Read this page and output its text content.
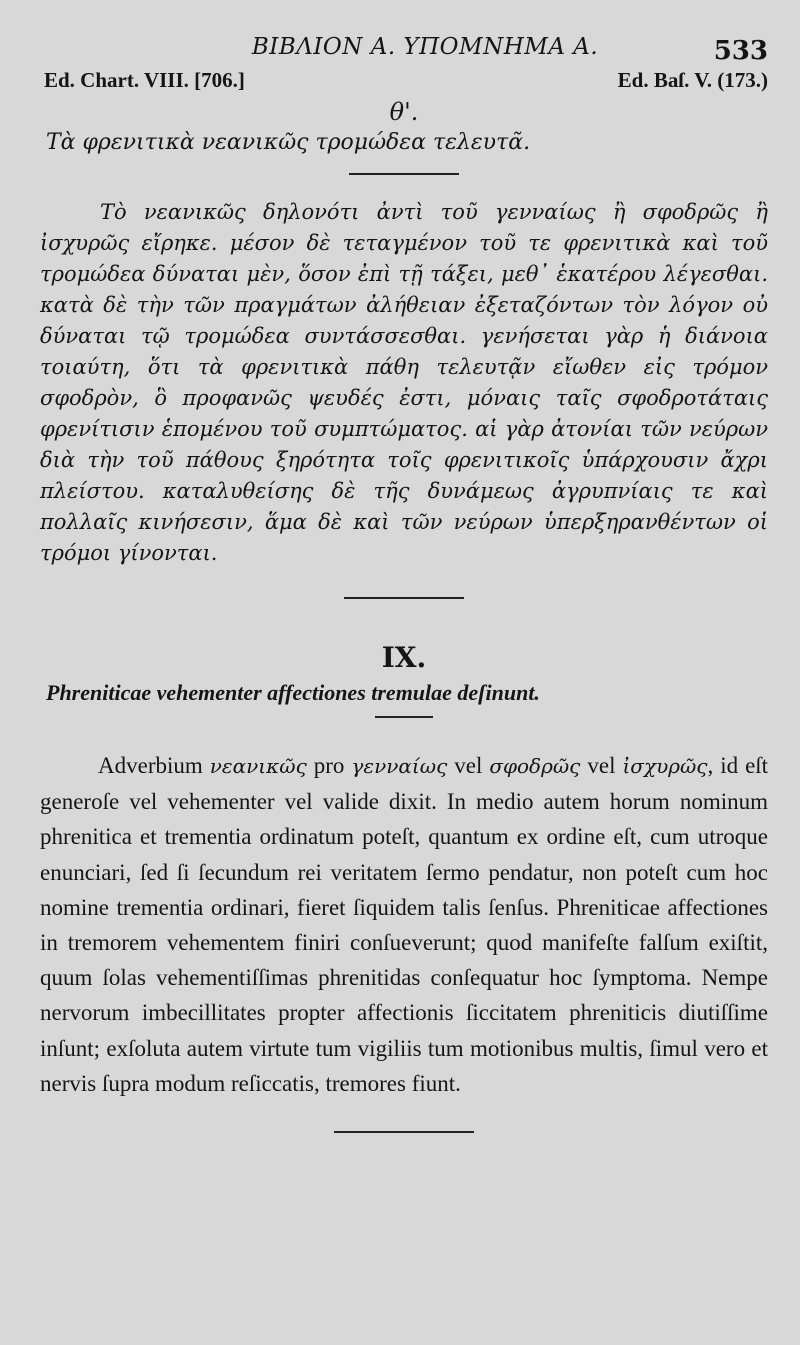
ΒΙΒΛΙΟΝ Α. ΥΠΟΜΝΗΜΑ Α.	533
Ed. Chart. VIII. [706.]	Ed. Baſ. V. (173.)
θ'.
Τὰ φρενιτικὰ νεανικῶς τρομώδεα τελευτᾶ.

Τὸ νεανικῶς δηλονότι ἀντὶ τοῦ γενναίως ἢ σφοδρῶς ἢ ἰσχυρῶς εἴρηκε. μέσον δὲ τεταγμένον τοῦ τε φρενιτικὰ καὶ τοῦ τρομώδεα δύναται μὲν, ὅσον ἐπὶ τῇ τάξει, μεθ᾽ ἑκατέρου λέγεσθαι. κατὰ δὲ τὴν τῶν πραγμάτων ἀλήθειαν ἐξεταζόντων τὸν λόγον οὐ δύναται τῷ τρομώδεα συντάσσεσθαι. γενήσεται γὰρ ἡ διάνοια τοιαύτη, ὅτι τὰ φρενιτικὰ πάθη τελευτᾷν εἴωθεν εἰς τρόμον σφοδρὸν, ὃ προφανῶς ψευδές ἐστι, μόναις ταῖς σφοδροτάταις φρενίτισιν ἑπομένου τοῦ συμπτώματος. αἱ γὰρ ἀτονίαι τῶν νεύρων διὰ τὴν τοῦ πάθους ξηρότητα τοῖς φρενιτικοῖς ὑπάρχουσιν ἄχρι πλείστου. καταλυθείσης δὲ τῆς δυνάμεως ἀγρυπνίαις τε καὶ πολλαῖς κινήσεσιν, ἅμα δὲ καὶ τῶν νεύρων ὑπερξηρανθέντων οἱ τρόμοι γίνονται.

IX.
Phreniticae vehementer affectiones tremulae deſinunt.

Adverbium νεανικῶς pro γενναίως vel σφοδρῶς vel ἰσχυρῶς, id eſt generoſe vel vehementer vel valide dixit. In medio autem horum nominum phrenitica et trementia ordinatum poteſt, quantum ex ordine eſt, cum utroque enunciari, ſed ſi ſecundum rei veritatem ſermo pendatur, non poteſt cum hoc nomine trementia ordinari, fieret ſiquidem talis ſenſus. Phreniticae affectiones in tremorem vehementem finiri conſueverunt; quod manifeſte falſum exiſtit, quum ſolas vehementiſſimas phrenitidas conſequatur hoc ſymptoma. Nempe nervorum imbecillitates propter affectionis ſiccitatem phreniticis diutiſſime inſunt; exſoluta autem virtute tum vigiliis tum motionibus multis, ſimul vero et nervis ſupra modum reſiccatis, tremores fiunt.
